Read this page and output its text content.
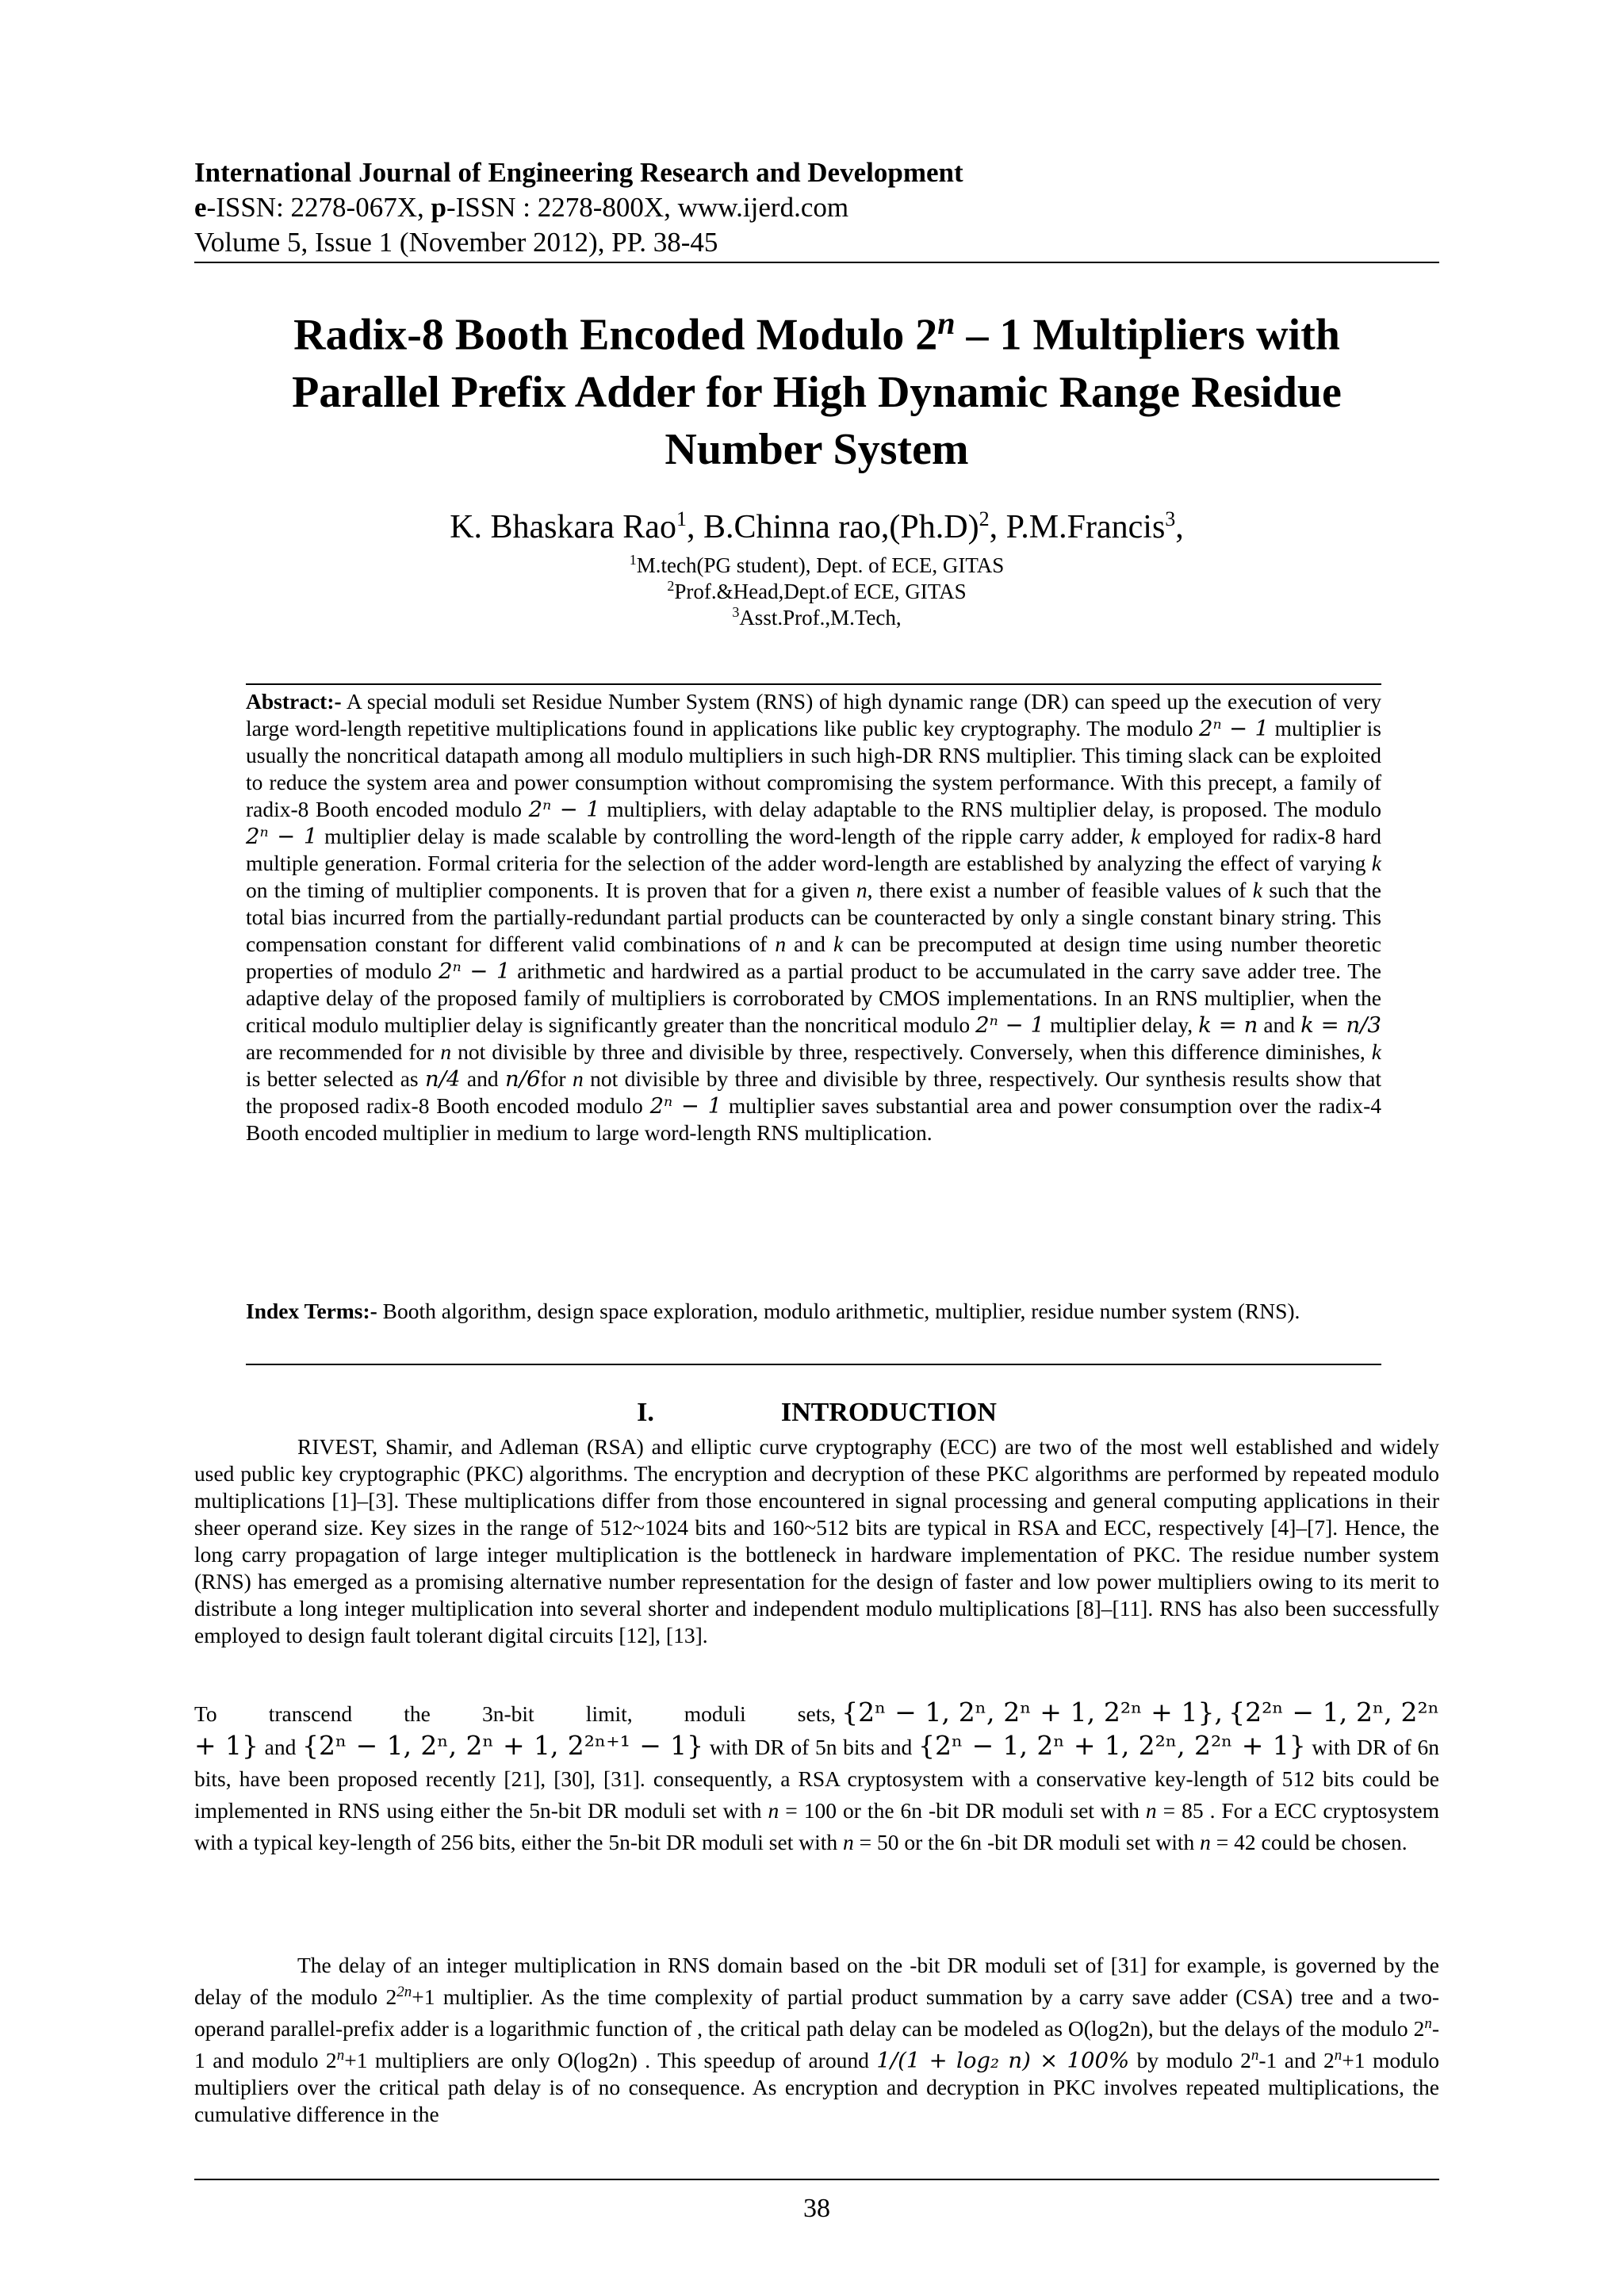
International Journal of Engineering Research and Development
e-ISSN: 2278-067X, p-ISSN : 2278-800X, www.ijerd.com
Volume 5, Issue 1 (November 2012), PP. 38-45
Radix-8 Booth Encoded Modulo 2$^n$ – 1 Multipliers with
Parallel Prefix Adder for High Dynamic Range Residue
Number System
K. Bhaskara Rao$^1$, B.Chinna $rao,(Ph.D)^2$, P.M.Francis$^3$,
$^1$M.tech(PG student), Dept. of ECE, GITAS
$^2$Prof.&Head,Dept.of ECE, GITAS
$^3$Asst.Prof.,M.Tech,
Abstract:- A special moduli set Residue Number System (RNS) of high dynamic range (DR) can speed up the execution of very large word-length repetitive multiplications found in applications like public key cryptography. The modulo 2ⁿ − 1 multiplier is usually the noncritical datapath among all modulo multipliers in such high-DR RNS multiplier. This timing slack can be exploited to reduce the system area and power consumption without compromising the system performance. With this precept, a family of radix-8 Booth encoded modulo 2ⁿ − 1 multipliers, with delay adaptable to the RNS multiplier delay, is proposed. The modulo 2ⁿ − 1 multiplier delay is made scalable by controlling the word-length of the ripple carry adder, k employed for radix-8 hard multiple generation. Formal criteria for the selection of the adder word-length are established by analyzing the effect of varying k on the timing of multiplier components. It is proven that for a given n, there exist a number of feasible values of k such that the total bias incurred from the partially-redundant partial products can be counteracted by only a single constant binary string. This compensation constant for different valid combinations of n and k can be precomputed at design time using number theoretic properties of modulo 2ⁿ − 1 arithmetic and hardwired as a partial product to be accumulated in the carry save adder tree. The adaptive delay of the proposed family of multipliers is corroborated by CMOS implementations. In an RNS multiplier, when the critical modulo multiplier delay is significantly greater than the noncritical modulo 2ⁿ − 1 multiplier delay, k = n and k = n/3 are recommended for n not divisible by three and divisible by three, respectively. Conversely, when this difference diminishes, k is better selected as n/4 and n/6for n not divisible by three and divisible by three, respectively. Our synthesis results show that the proposed radix-8 Booth encoded modulo 2ⁿ − 1 multiplier saves substantial area and power consumption over the radix-4 Booth encoded multiplier in medium to large word-length RNS multiplication.
Index Terms:- Booth algorithm, design space exploration, modulo arithmetic, multiplier, residue number system (RNS).
I.	INTRODUCTION
RIVEST, Shamir, and Adleman (RSA) and elliptic curve cryptography (ECC) are two of the most well established and widely used public key cryptographic (PKC) algorithms. The encryption and decryption of these PKC algorithms are performed by repeated modulo multiplications [1]–[3]. These multiplications differ from those encountered in signal processing and general computing applications in their sheer operand size. Key sizes in the range of 512~1024 bits and 160~512 bits are typical in RSA and ECC, respectively [4]–[7]. Hence, the long carry propagation of large integer multiplication is the bottleneck in hardware implementation of PKC. The residue number system (RNS) has emerged as a promising alternative number representation for the design of faster and low power multipliers owing to its merit to distribute a long integer multiplication into several shorter and independent modulo multiplications [8]–[11]. RNS has also been successfully employed to design fault tolerant digital circuits [12], [13].
To transcend the 3n-bit limit, moduli sets, {2ⁿ − 1, 2ⁿ, 2ⁿ + 1, 2²ⁿ + 1}, {2²ⁿ − 1, 2ⁿ, 2²ⁿ + 1} and {2ⁿ − 1, 2ⁿ, 2ⁿ + 1, 2²ⁿ⁺¹ − 1} with DR of 5n bits and {2ⁿ − 1, 2ⁿ + 1, 2²ⁿ, 2²ⁿ + 1} with DR of 6n bits, have been proposed recently [21], [30], [31]. consequently, a RSA cryptosystem with a conservative key-length of 512 bits could be implemented in RNS using either the 5n-bit DR moduli set with n = 100 or the 6n -bit DR moduli set with n = 85 . For a ECC cryptosystem with a typical key-length of 256 bits, either the 5n-bit DR moduli set with n = 50 or the 6n -bit DR moduli set with n = 42 could be chosen.
The delay of an integer multiplication in RNS domain based on the -bit DR moduli set of [31] for example, is governed by the delay of the modulo $2^{2n}+1$ multiplier. As the time complexity of partial product summation by a carry save adder (CSA) tree and a two-operand parallel-prefix adder is a logarithmic function of , the critical path delay can be modeled as O(log2n), but the delays of the modulo 2$^n$-1 and modulo $2^n+1$ multipliers are only O(log2n) . This speedup of around 1/(1 + log₂ n) × 100% by modulo 2$^n$-1 and $2^n+1$ modulo multipliers over the critical path delay is of no consequence. As encryption and decryption in PKC involves repeated multiplications, the cumulative difference in the
38
